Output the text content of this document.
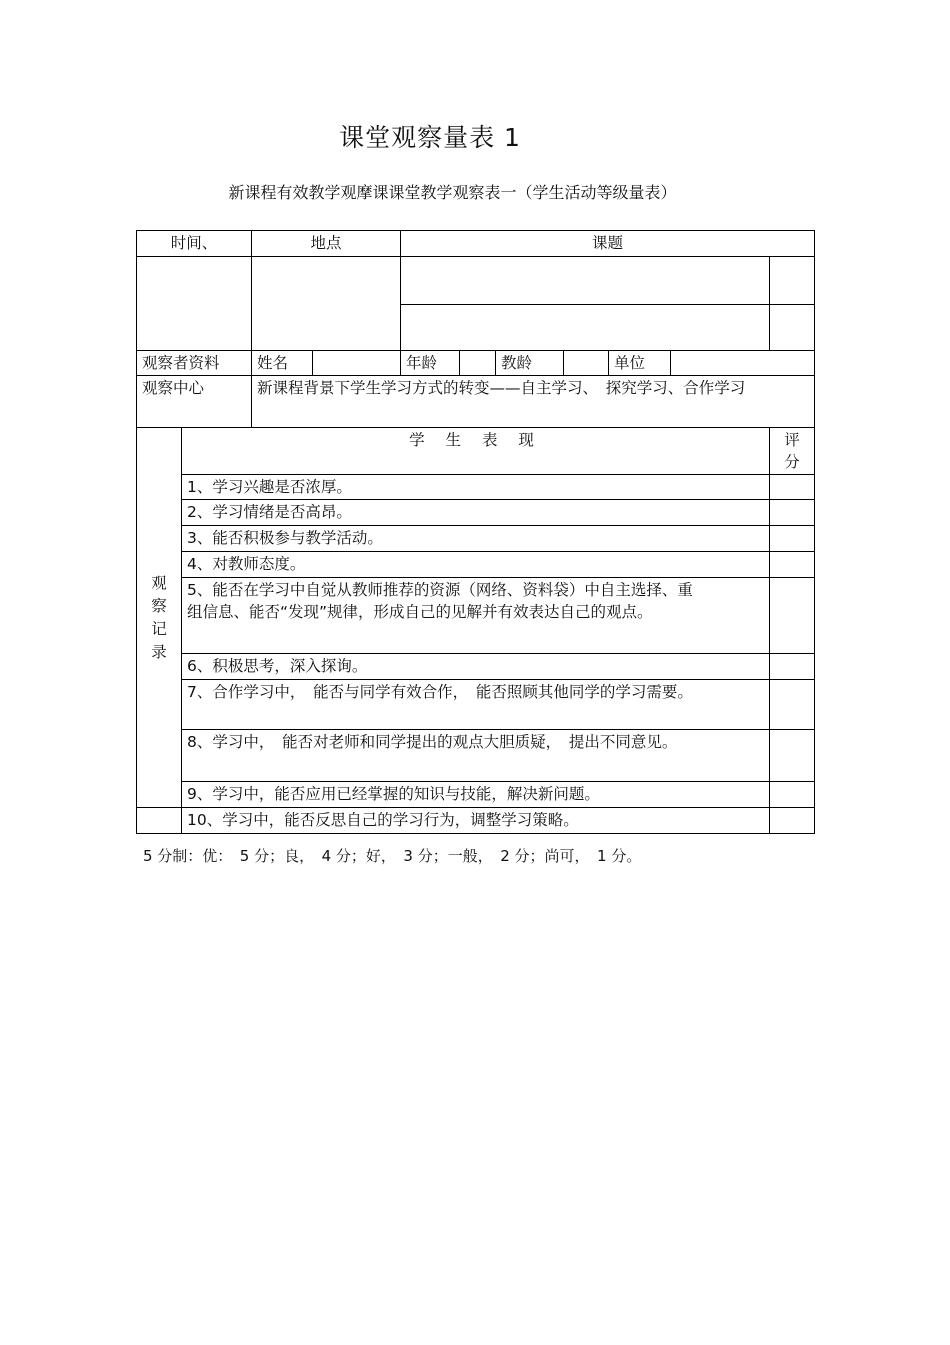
课堂观察量表 1
新课程有效教学观摩课课堂教学观察表一（学生活动等级量表）
时间、		地点		课题						

观察者资料		姓名		年龄		教龄		单位		
观察中心		新课程背景下学生学习方式的转变——自主学习、　探究学习、合作学习								
观察记录	学 生 表 现									评　分
	1、学习兴趣是否浓厚。									
	2、学习情绪是否高昂。									
	3、能否积极参与教学活动。									
	4、对教师态度。									

	5、能否在学习中自觉从教师推荐的资源（网络、资料袋）中自主选择、重组信息、能否“发现”规律，形成自己的见解并有效表达自己的观点。									

	6、积极思考，深入探询。									
	7、合作学习中，　能否与同学有效合作，　能否照顾其他同学的学习需要。									
	8、学习中，　能否对老师和同学提出的观点大胆质疑，　提出不同意见。									
	9、学习中，能否应用已经掌握的知识与技能，解决新问题。									
	10、学习中，能否反思自己的学习行为，调整学习策略。									
5 分制：优：　5 分；良，　4 分；好，　3 分；一般，　2 分；尚可，　1 分。
